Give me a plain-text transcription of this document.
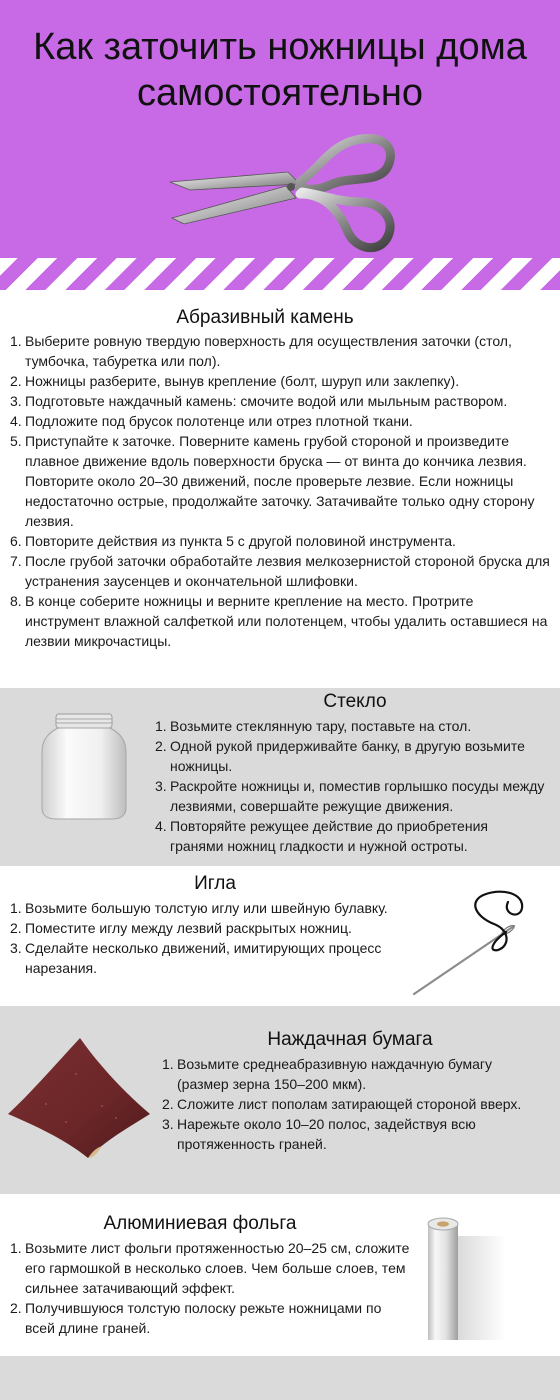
Как заточить ножницы дома самостоятельно
Абразивный камень
1. Выберите ровную твердую поверхность для осуществления заточки (стол, тумбочка, табуретка или пол).
2. Ножницы разберите, вынув крепление (болт, шуруп или заклепку).
3. Подготовьте наждачный камень: смочите водой или мыльным раствором.
4. Подложите под брусок полотенце или отрез плотной ткани.
5. Приступайте к заточке. Поверните камень грубой стороной и произведите плавное движение вдоль поверхности бруска — от винта до кончика лезвия. Повторите около 20–30 движений, после проверьте лезвие. Если ножницы недостаточно острые, продолжайте заточку. Затачивайте только одну сторону лезвия.
6. Повторите действия из пункта 5 с другой половиной инструмента.
7. После грубой заточки обработайте лезвия мелкозернистой стороной бруска для устранения заусенцев и окончательной шлифовки.
8. В конце соберите ножницы и верните крепление на место. Протрите инструмент влажной салфеткой или полотенцем, чтобы удалить оставшиеся на лезвии микрочастицы.
Стекло
1. Возьмите стеклянную тару, поставьте на стол.
2. Одной рукой придерживайте банку, в другую возьмите ножницы.
3. Раскройте ножницы и, поместив горлышко посуды между лезвиями, совершайте режущие движения.
4. Повторяйте режущее действие до приобретения гранями ножниц гладкости и нужной остроты.
Игла
1. Возьмите большую толстую иглу или швейную булавку.
2. Поместите иглу между лезвий раскрытых ножниц.
3. Сделайте несколько движений, имитирующих процесс нарезания.
Наждачная бумага
1. Возьмите среднеабразивную наждачную бумагу (размер зерна 150–200 мкм).
2. Сложите лист пополам затирающей стороной вверх.
3. Нарежьте около 10–20 полос, задействуя всю протяженность граней.
Алюминиевая фольга
1. Возьмите лист фольги протяженностью 20–25 см, сложите его гармошкой в несколько слоев. Чем больше слоев, тем сильнее затачивающий эффект.
2. Получившуюся толстую полоску режьте ножницами по всей длине граней.
